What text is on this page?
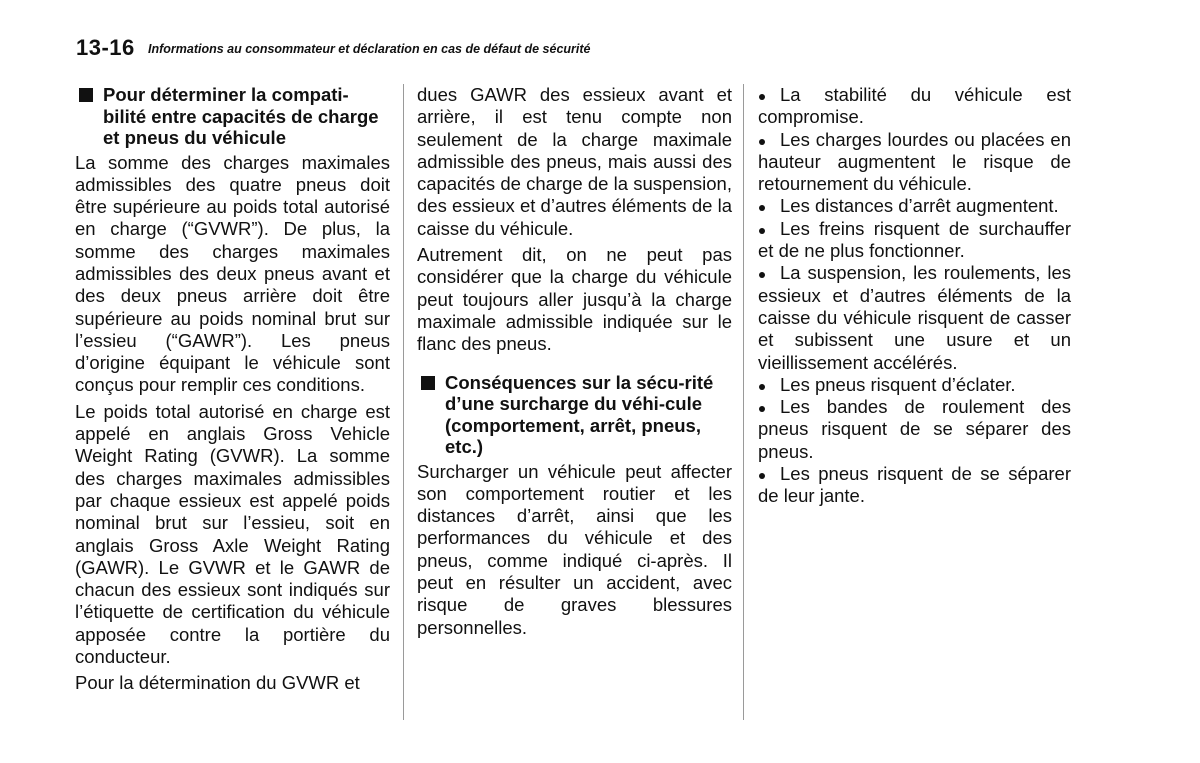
13-16 Informations au consommateur et déclaration en cas de défaut de sécurité
Pour déterminer la compati-bilité entre capacités de charge et pneus du véhicule

La somme des charges maximales admissibles des quatre pneus doit être supérieure au poids total autorisé en charge (“GVWR”). De plus, la somme des charges maximales admissibles des deux pneus avant et des deux pneus arrière doit être supérieure au poids nominal brut sur l’essieu (“GAWR”). Les pneus d’origine équipant le véhicule sont conçus pour remplir ces conditions.

Le poids total autorisé en charge est appelé en anglais Gross Vehicle Weight Rating (GVWR). La somme des charges maximales admissibles par chaque essieux est appelé poids nominal brut sur l’essieu, soit en anglais Gross Axle Weight Rating (GAWR). Le GVWR et le GAWR de chacun des essieux sont indiqués sur l’étiquette de certification du véhicule apposée contre la portière du conducteur.

Pour la détermination du GVWR et

dues GAWR des essieux avant et arrière, il est tenu compte non seulement de la charge maximale admissible des pneus, mais aussi des capacités de charge de la suspension, des essieux et d’autres éléments de la caisse du véhicule.

Autrement dit, on ne peut pas considérer que la charge du véhicule peut toujours aller jusqu’à la charge maximale admissible indiquée sur le flanc des pneus.

Conséquences sur la sécu-rité d’une surcharge du véhi-cule (comportement, arrêt, pneus, etc.)

Surcharger un véhicule peut affecter son comportement routier et les distances d’arrêt, ainsi que les performances du véhicule et des pneus, comme indiqué ci-après. Il peut en résulter un accident, avec risque de graves blessures personnelles.

La stabilité du véhicule est compromise.
Les charges lourdes ou placées en hauteur augmentent le risque de retournement du véhicule.
Les distances d’arrêt augmentent.
Les freins risquent de surchauffer et de ne plus fonctionner.
La suspension, les roulements, les essieux et d’autres éléments de la caisse du véhicule risquent de casser et subissent une usure et un vieillissement accélérés.
Les pneus risquent d’éclater.
Les bandes de roulement des pneus risquent de se séparer des pneus.
Les pneus risquent de se séparer de leur jante.
